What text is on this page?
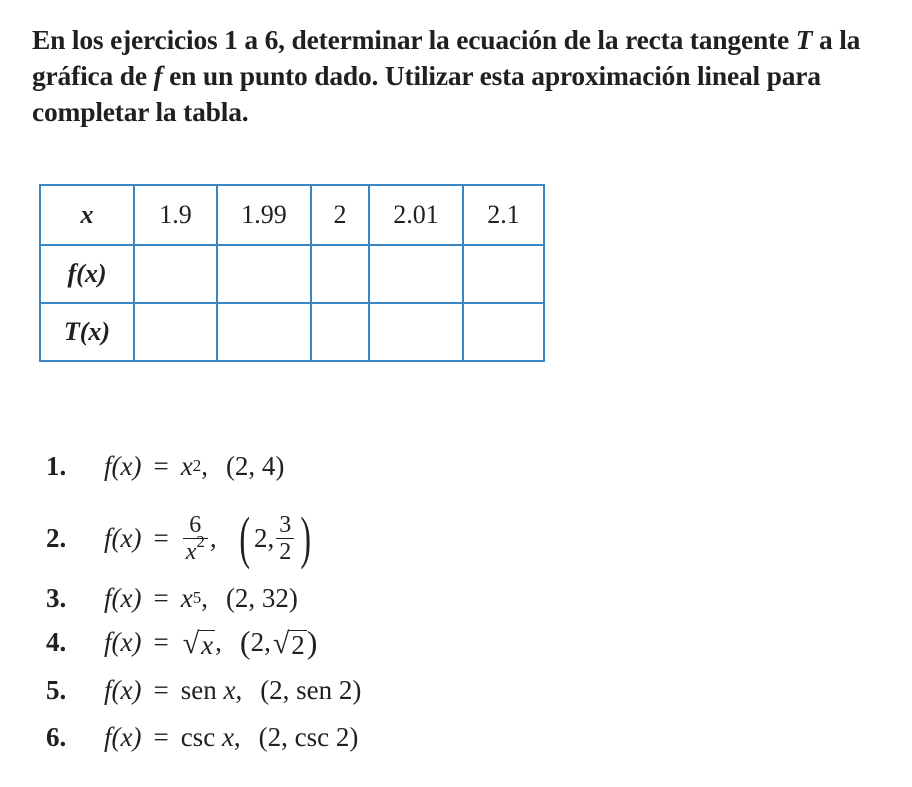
En los ejercicios 1 a 6, determinar la ecuación de la recta tangente T a la gráfica de f en un punto dado. Utilizar esta aproximación lineal para completar la tabla.
x	1.9	1.99	2	2.01	2.1
f(x)					
T(x)					
1.	f(x) = x 2 , (2, 4)
2.	$f(x) = \frac{6}{x^2}$ , ( 2, $\frac{3}{2}$ )
3.	f(x) = x 5 , (2, 32)
4.	f(x) = √ x , ( 2, √ 2 )
5.	f(x) = sen
x , (2, sen 2)
6.	f(x) = csc
x , (2, csc 2)
